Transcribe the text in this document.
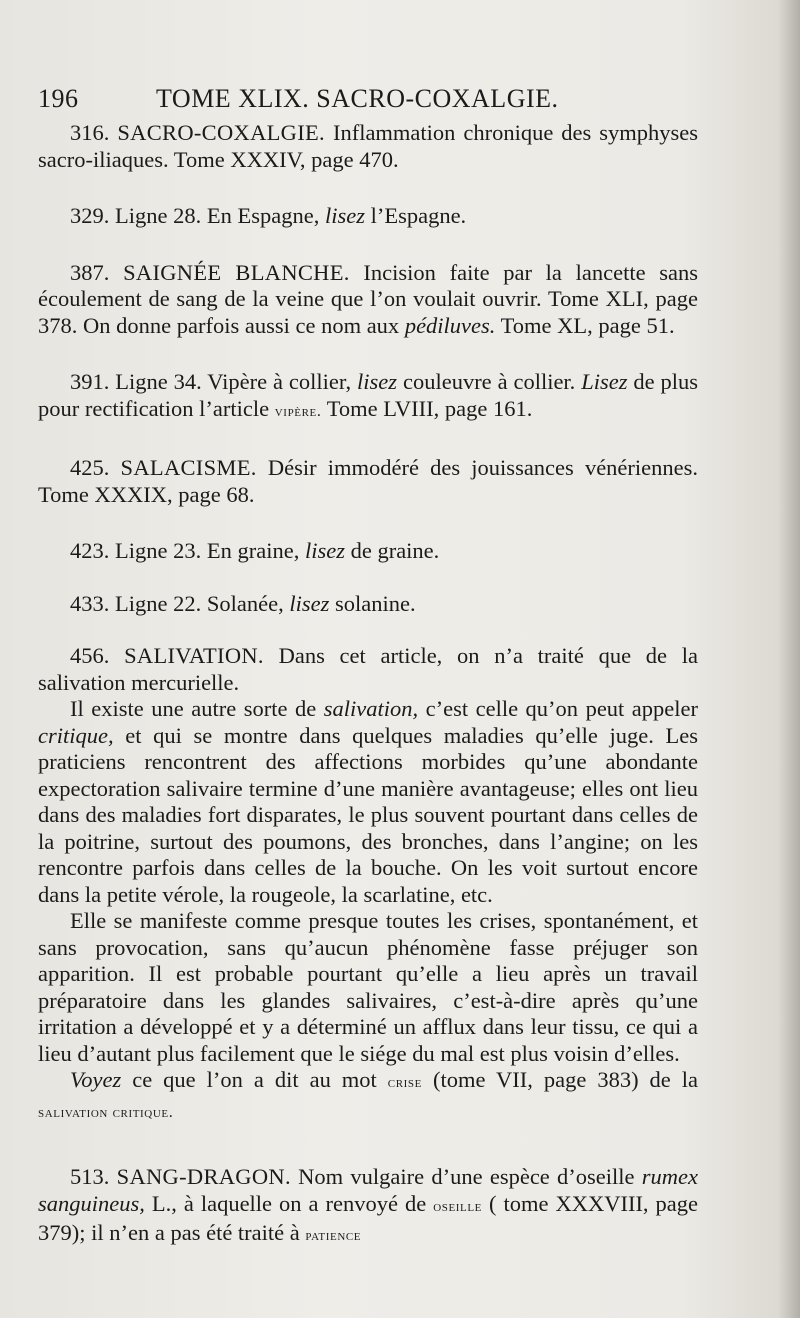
196	TOME XLIX. SACRO-COXALGIE.

316. SACRO-COXALGIE. Inflammation chronique des symphyses sacro-iliaques. Tome XXXIV, page 470.

329. Ligne 28. En Espagne, lisez l’Espagne.

387. SAIGNÉE BLANCHE. Incision faite par la lancette sans écoulement de sang de la veine que l’on voulait ouvrir. Tome XLI, page 378. On donne parfois aussi ce nom aux pédiluves. Tome XL, page 51.

391. Ligne 34. Vipère à collier, lisez couleuvre à collier. Lisez de plus pour rectification l’article vipère. Tome LVIII, page 161.

425. SALACISME. Désir immodéré des jouissances vénériennes. Tome XXXIX, page 68.

423. Ligne 23. En graine, lisez de graine.

433. Ligne 22. Solanée, lisez solanine.

456. SALIVATION. Dans cet article, on n’a traité que de la salivation mercurielle.

Il existe une autre sorte de salivation, c’est celle qu’on peut appeler critique, et qui se montre dans quelques maladies qu’elle juge. Les praticiens rencontrent des affections morbides qu’une abondante expectoration salivaire termine d’une manière avantageuse; elles ont lieu dans des maladies fort disparates, le plus souvent pourtant dans celles de la poitrine, surtout des poumons, des bronches, dans l’angine; on les rencontre parfois dans celles de la bouche. On les voit surtout encore dans la petite vérole, la rougeole, la scarlatine, etc.

Elle se manifeste comme presque toutes les crises, spontanément, et sans provocation, sans qu’aucun phénomène fasse préjuger son apparition. Il est probable pourtant qu’elle a lieu après un travail préparatoire dans les glandes salivaires, c’est-à-dire après qu’une irritation a développé et y a déterminé un afflux dans leur tissu, ce qui a lieu d’autant plus facilement que le siége du mal est plus voisin d’elles.

Voyez ce que l’on a dit au mot crise (tome VII, page 383) de la salivation critique.

513. SANG-DRAGON. Nom vulgaire d’une espèce d’oseille rumex sanguineus, L., à laquelle on a renvoyé de oseille ( tome XXXVIII, page 379); il n’en a pas été traité à patience
